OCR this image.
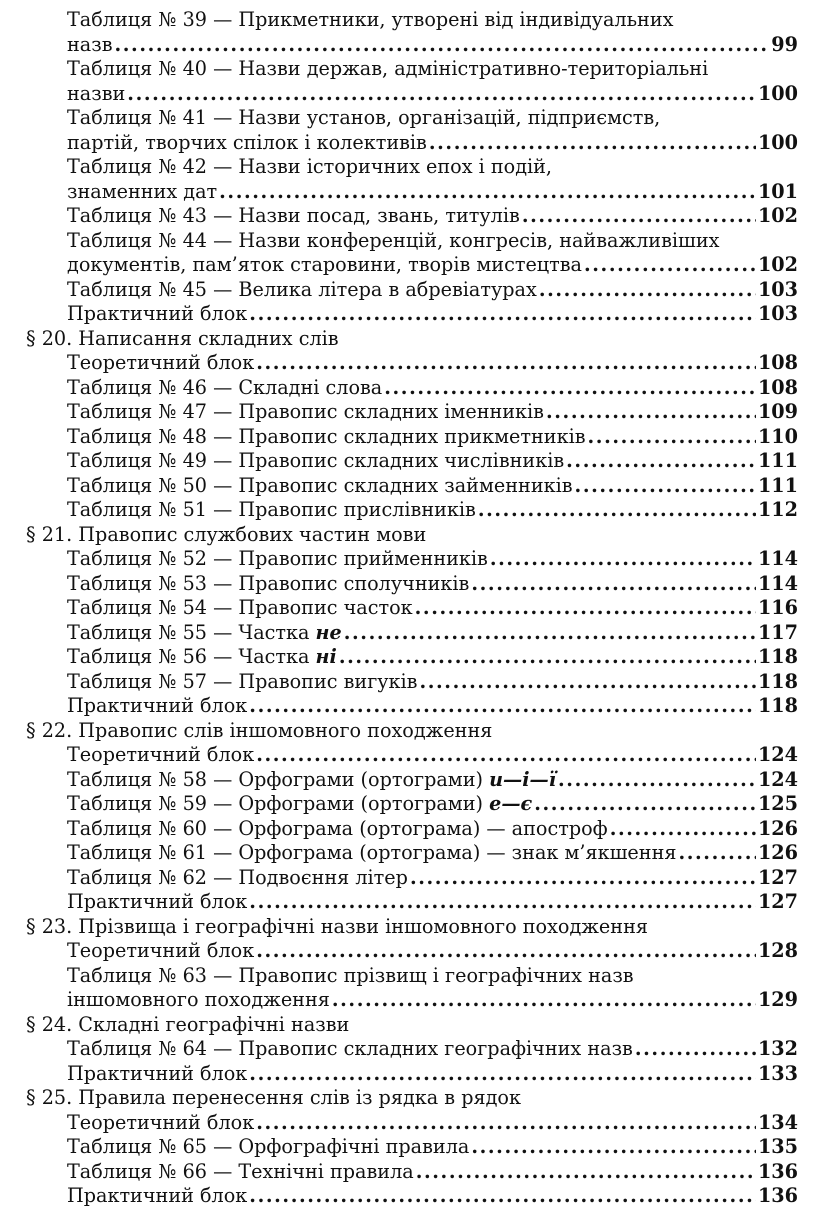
Таблиця № 39 — Прикметники, утворені від індивідуальних
назв .....	99
Таблиця № 40 — Назви держав, адміністративно-територіальні
назви .....	100
Таблиця № 41 — Назви установ, організацій, підприємств,
партій, творчих спілок і колективів .....	100
Таблиця № 42 — Назви історичних епох і подій,
знаменних дат .....	101
Таблиця № 43 — Назви посад, звань, титулів .....	102
Таблиця № 44 — Назви конференцій, конгресів, найважливіших
документів, пам’яток старовини, творів мистецтва .....	102
Таблиця № 45 — Велика літера в абревіатурах .....	103
Практичний блок .....	103
§ 20. Написання складних слів
Теоретичний блок .....	108
Таблиця № 46 — Складні слова .....	108
Таблиця № 47 — Правопис складних іменників .....	109
Таблиця № 48 — Правопис складних прикметників .....	110
Таблиця № 49 — Правопис складних числівників .....	111
Таблиця № 50 — Правопис складних займенників .....	111
Таблиця № 51 — Правопис прислівників .....	112
§ 21. Правопис службових частин мови
Таблиця № 52 — Правопис прийменників .....	114
Таблиця № 53 — Правопис сполучників .....	114
Таблиця № 54 — Правопис часток .....	116
Таблиця № 55 — Частка не .....	117
Таблиця № 56 — Частка ні .....	118
Таблиця № 57 — Правопис вигуків .....	118
Практичний блок .....	118
§ 22. Правопис слів іншомовного походження
Теоретичний блок .....	124
Таблиця № 58 — Орфограми (ортограми) и—і—ї .....	124
Таблиця № 59 — Орфограми (ортограми) е—є .....	125
Таблиця № 60 — Орфограма (ортограма) — апостроф .....	126
Таблиця № 61 — Орфограма (ортограма) — знак м’якшення .....	126
Таблиця № 62 — Подвоєння літер .....	127
Практичний блок .....	127
§ 23. Прізвища і географічні назви іншомовного походження
Теоретичний блок .....	128
Таблиця № 63 — Правопис прізвищ і географічних назв
іншомовного походження .....	129
§ 24. Складні географічні назви
Таблиця № 64 — Правопис складних географічних назв .....	132
Практичний блок .....	133
§ 25. Правила перенесення слів із рядка в рядок
Теоретичний блок .....	134
Таблиця № 65 — Орфографічні правила .....	135
Таблиця № 66 — Технічні правила .....	136
Практичний блок .....	136
